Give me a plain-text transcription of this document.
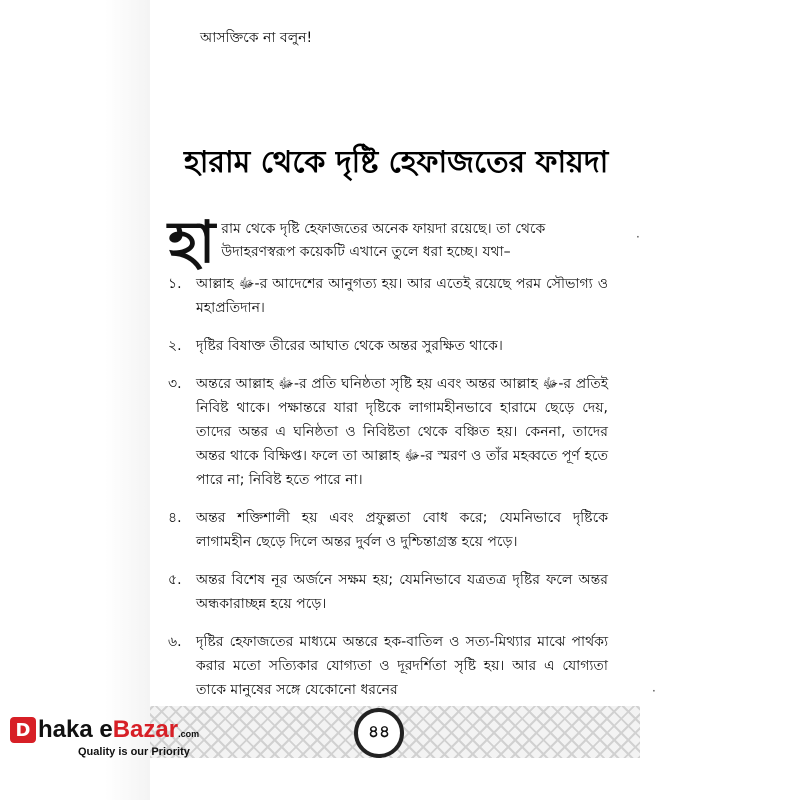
আসক্তিকে না বলুন!
হারাম থেকে দৃষ্টি হেফাজতের ফায়দা
হা রাম থেকে দৃষ্টি হেফাজতের অনেক ফায়দা রয়েছে। তা থেকে উদাহরণস্বরূপ কয়েকটি এখানে তুলে ধরা হচ্ছে। যথা–
১.	আল্লাহ ﷻ-র আদেশের আনুগত্য হয়। আর এতেই রয়েছে পরম সৌভাগ্য ও মহাপ্রতিদান।
২.	দৃষ্টির বিষাক্ত তীরের আঘাত থেকে অন্তর সুরক্ষিত থাকে।
৩.	অন্তরে আল্লাহ ﷻ-র প্রতি ঘনিষ্ঠতা সৃষ্টি হয় এবং অন্তর আল্লাহ ﷻ-র প্রতিই নিবিষ্ট থাকে। পক্ষান্তরে যারা দৃষ্টিকে লাগামহীনভাবে হারামে ছেড়ে দেয়, তাদের অন্তর এ ঘনিষ্ঠতা ও নিবিষ্টতা থেকে বঞ্চিত হয়। কেননা, তাদের অন্তর থাকে বিক্ষিপ্ত। ফলে তা আল্লাহ ﷻ-র স্মরণ ও তাঁর মহব্বতে পূর্ণ হতে পারে না; নিবিষ্ট হতে পারে না।
৪.	অন্তর শক্তিশালী হয় এবং প্রফুল্লতা বোধ করে; যেমনিভাবে দৃষ্টিকে লাগামহীন ছেড়ে দিলে অন্তর দুর্বল ও দুশ্চিন্তাগ্রস্ত হয়ে পড়ে।
৫.	অন্তর বিশেষ নূর অর্জনে সক্ষম হয়; যেমনিভাবে যত্রতত্র দৃষ্টির ফলে অন্তর অন্ধকারাচ্ছন্ন হয়ে পড়ে।
৬.	দৃষ্টির হেফাজতের মাধ্যমে অন্তরে হক-বাতিল ও সত্য-মিথ্যার মাঝে পার্থক্য করার মতো সত্যিকার যোগ্যতা ও দূরদর্শিতা সৃষ্টি হয়। আর এ যোগ্যতা তাকে মানুষের সঙ্গে যেকোনো ধরনের
·
·
৪৪
D hakа eBazar.com
Quality is our Priority
